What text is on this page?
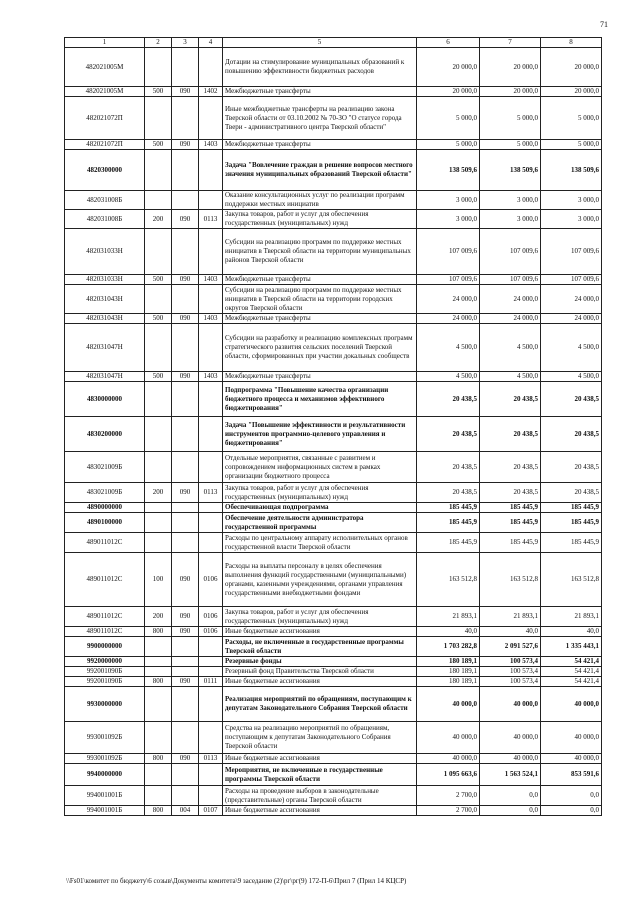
71
1	2	3	4	5	6	7	8
482021005М				Дотации на стимулирование муниципальных образований к повышению эффективности бюджетных расходов	20 000,0	20 000,0	20 000,0
482021005М	500	090	1402	Межбюджетные трансферты	20 000,0	20 000,0	20 000,0
482021072П				Иные межбюджетные трансферты на реализацию закона Тверской области от 03.10.2002 № 70-ЗО "О статусе города Твери - административного центра Тверской области"	5 000,0	5 000,0	5 000,0
482021072П	500	090	1403	Межбюджетные трансферты	5 000,0	5 000,0	5 000,0
4820300000				Задача "Вовлечение граждан в решение вопросов местного значения муниципальных образований Тверской области"	138 509,6	138 509,6	138 509,6
482031008Б				Оказание консультационных услуг по реализации программ поддержки местных инициатив	3 000,0	3 000,0	3 000,0
482031008Б	200	090	0113	Закупка товаров, работ и услуг для обеспечения государственных (муниципальных) нужд	3 000,0	3 000,0	3 000,0
482031033Н				Субсидии на реализацию программ по поддержке местных инициатив в Тверской области на территории муниципальных районов Тверской области	107 009,6	107 009,6	107 009,6
482031033Н	500	090	1403	Межбюджетные трансферты	107 009,6	107 009,6	107 009,6
482031043Н				Субсидии на реализацию программ по поддержке местных инициатив в Тверской области на территории городских округов Тверской области	24 000,0	24 000,0	24 000,0
482031043Н	500	090	1403	Межбюджетные трансферты	24 000,0	24 000,0	24 000,0
482031047Н				Субсидии на разработку и реализацию комплексных программ стратегического развития сельских поселений Тверской области, сформированных при участии докальных сообществ	4 500,0	4 500,0	4 500,0
482031047Н	500	090	1403	Межбюджетные трансферты	4 500,0	4 500,0	4 500,0
4830000000				Подпрограмма "Повышение качества организации бюджетного процесса и механизмов эффективного бюджетирования"	20 438,5	20 438,5	20 438,5
4830200000				Задача "Повышение эффективности и результативности инструментов программно-целевого управления и бюджетирования"	20 438,5	20 438,5	20 438,5
483021009Б				Отдельные мероприятия, связанные с развитием и сопровождением информационных систем в рамках организации бюджетного процесса	20 438,5	20 438,5	20 438,5
483021009Б	200	090	0113	Закупка товаров, работ и услуг для обеспечения государственных (муниципальных) нужд	20 438,5	20 438,5	20 438,5
4890000000				Обеспечивающая подпрограмма	185 445,9	185 445,9	185 445,9
4890100000				Обеспечение деятельности администратора государственной программы	185 445,9	185 445,9	185 445,9
489011012С				Расходы по центральному аппарату исполнительных органов государственной власти Тверской области	185 445,9	185 445,9	185 445,9
489011012С	100	090	0106	Расходы на выплаты персоналу в целях обеспечения выполнения функций государственными (муниципальными) органами, казенными учреждениями, органами управления государственными внебюджетными фондами	163 512,8	163 512,8	163 512,8
489011012С	200	090	0106	Закупка товаров, работ и услуг для обеспечения государственных (муниципальных) нужд	21 893,1	21 893,1	21 893,1
489011012С	800	090	0106	Иные бюджетные ассигнования	40,0	40,0	40,0
9900000000				Расходы, не включенные в государственные программы Тверской области	1 703 282,8	2 091 527,6	1 335 443,1
9920000000				Резервные фонды	180 189,1	100 573,4	54 421,4
992001090Б				Резервный фонд Правительства Тверской области	180 189,1	100 573,4	54 421,4
992001090Б	800	090	0111	Иные бюджетные ассигнования	180 189,1	100 573,4	54 421,4
9930000000				Реализация мероприятий по обращениям, поступающим к депутатам Законодательного Собрания Тверской области	40 000,0	40 000,0	40 000,0
993001092Б				Средства на реализацию мероприятий по обращениям, поступающим к депутатам Законодательного Собрания Тверской области	40 000,0	40 000,0	40 000,0
993001092Б	800	090	0113	Иные бюджетные ассигнования	40 000,0	40 000,0	40 000,0
9940000000				Мероприятия, не включенные в государственные программы Тверской области	1 095 663,6	1 563 524,1	853 591,6
994001001Б				Расходы на проведение выборов в законодательные (представительные) органы Тверской области	2 700,0	0,0	0,0
994001001Б	800	004	0107	Иные бюджетные ассигнования	2 700,0	0,0	0,0
\\Fs01\комитет по бюджету\6 созыв\Документы комитета\9 заседание (2)\рг\рг(9) 172-П-6\Прил 7 (Прил 14 КЦСР)
